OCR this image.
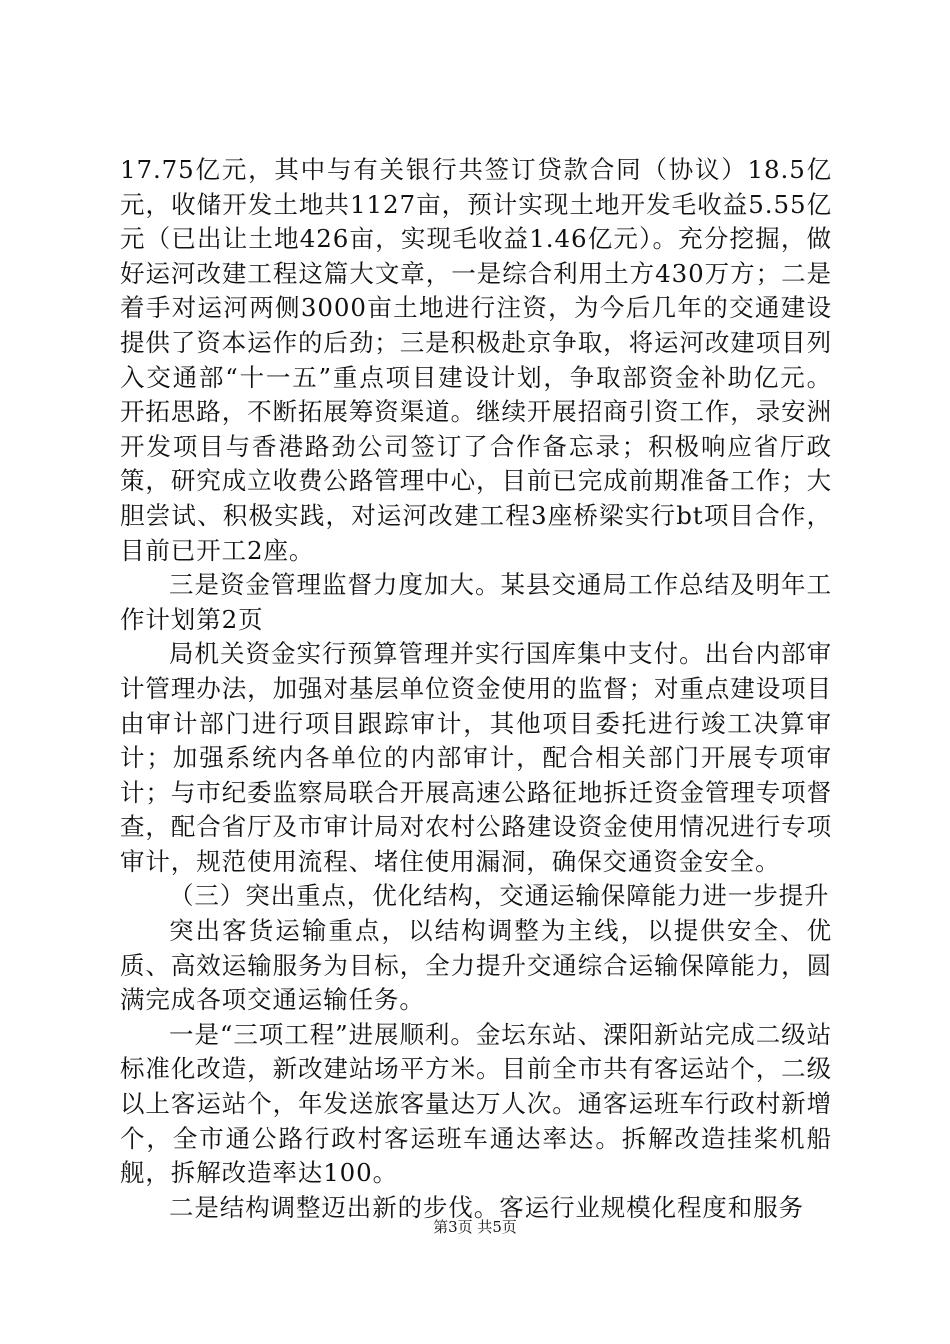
17.75亿元，其中与有关银行共签订贷款合同（协议）18.5亿元，收储开发土地共1127亩，预计实现土地开发毛收益5.55亿元（已出让土地426亩，实现毛收益1.46亿元）。充分挖掘，做好运河改建工程这篇大文章，一是综合利用土方430万方；二是着手对运河两侧3000亩土地进行注资，为今后几年的交通建设提供了资本运作的后劲；三是积极赴京争取，将运河改建项目列入交通部“十一五”重点项目建设计划，争取部资金补助亿元。开拓思路，不断拓展筹资渠道。继续开展招商引资工作，录安洲开发项目与香港路劲公司签订了合作备忘录；积极响应省厅政策，研究成立收费公路管理中心，目前已完成前期准备工作；大胆尝试、积极实践，对运河改建工程3座桥梁实行bt项目合作，目前已开工2座。

三是资金管理监督力度加大。某县交通局工作总结及明年工作计划第2页

局机关资金实行预算管理并实行国库集中支付。出台内部审计管理办法，加强对基层单位资金使用的监督；对重点建设项目由审计部门进行项目跟踪审计，其他项目委托进行竣工决算审计；加强系统内各单位的内部审计，配合相关部门开展专项审计；与市纪委监察局联合开展高速公路征地拆迁资金管理专项督查，配合省厅及市审计局对农村公路建设资金使用情况进行专项审计，规范使用流程、堵住使用漏洞，确保交通资金安全。

（三）突出重点，优化结构，交通运输保障能力进一步提升

突出客货运输重点，以结构调整为主线，以提供安全、优质、高效运输服务为目标，全力提升交通综合运输保障能力，圆满完成各项交通运输任务。

一是“三项工程”进展顺利。金坛东站、溧阳新站完成二级站标准化改造，新改建站场平方米。目前全市共有客运站个，二级以上客运站个，年发送旅客量达万人次。通客运班车行政村新增个，全市通公路行政村客运班车通达率达。拆解改造挂桨机船舰，拆解改造率达100。

二是结构调整迈出新的步伐。客运行业规模化程度和服务

第3页 共5页
